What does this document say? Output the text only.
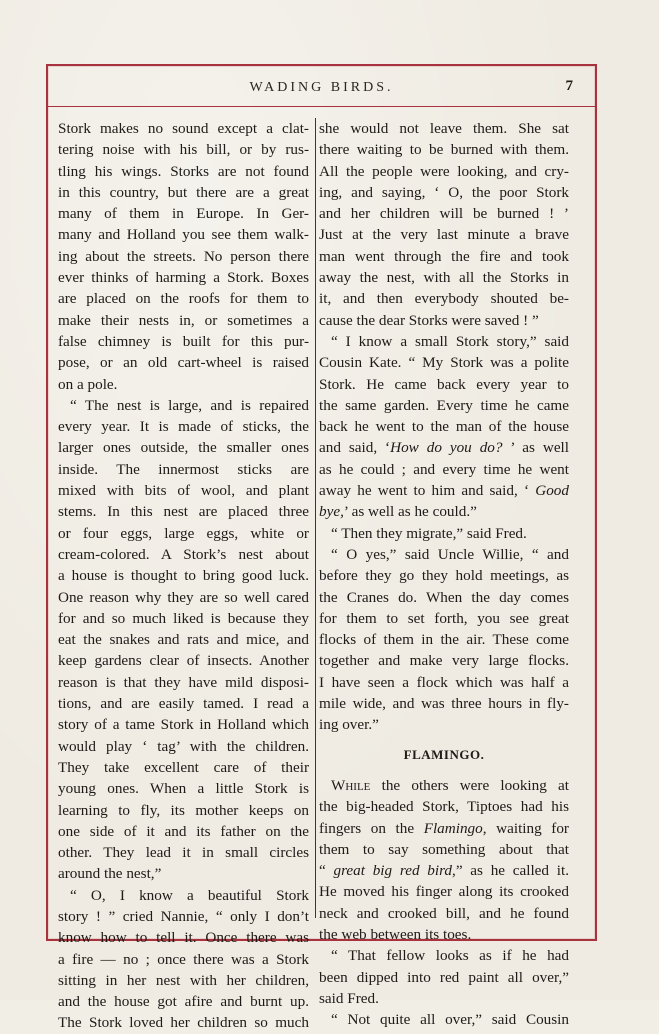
WADING BIRDS.	7
Stork makes no sound except a clat-
tering noise with his bill, or by rus-
tling his wings. Storks are not found
in this country, but there are a great
many of them in Europe. In Ger-
many and Holland you see them walk-
ing about the streets. No person there
ever thinks of harming a Stork. Boxes
are placed on the roofs for them to
make their nests in, or sometimes a
false chimney is built for this pur-
pose, or an old cart-wheel is raised
on a pole.
“ The nest is large, and is repaired
every year. It is made of sticks, the
larger ones outside, the smaller ones
inside. The innermost sticks are
mixed with bits of wool, and plant
stems. In this nest are placed three
or four eggs, large eggs, white or
cream-colored. A Stork’s nest about
a house is thought to bring good luck.
One reason why they are so well cared
for and so much liked is because they
eat the snakes and rats and mice, and
keep gardens clear of insects. Another
reason is that they have mild disposi-
tions, and are easily tamed. I read a
story of a tame Stork in Holland which
would play ‘ tag’ with the children.
They take excellent care of their
young ones. When a little Stork is
learning to fly, its mother keeps on
one side of it and its father on the
other. They lead it in small circles
around the nest,”
“ O, I know a beautiful Stork
story ! ” cried Nannie, “ only I don’t
know how to tell it. Once there was
a fire — no ; once there was a Stork
sitting in her nest with her children,
and the house got afire and burnt up.
The Stork loved her children so much
she would not leave them. She sat
there waiting to be burned with them.
All the people were looking, and cry-
ing, and saying, ‘ O, the poor Stork
and her children will be burned ! ’
Just at the very last minute a brave
man went through the fire and took
away the nest, with all the Storks in
it, and then everybody shouted be-
cause the dear Storks were saved ! ”
“ I know a small Stork story,” said
Cousin Kate. “ My Stork was a polite
Stork. He came back every year to
the same garden. Every time he came
back he went to the man of the house
and said, ‘How do you do? ’ as well
as he could ; and every time he went
away he went to him and said, ‘ Good
bye,’ as well as he could.”
“ Then they migrate,” said Fred.
“ O yes,” said Uncle Willie, “ and
before they go they hold meetings, as
the Cranes do. When the day comes
for them to set forth, you see great
flocks of them in the air. These come
together and make very large flocks.
I have seen a flock which was half a
mile wide, and was three hours in fly-
ing over.”
FLAMINGO.
While the others were looking at
the big-headed Stork, Tiptoes had his
fingers on the Flamingo, waiting for
them to say something about that
“ great big red bird,” as he called it.
He moved his finger along its crooked
neck and crooked bill, and he found
the web between its toes.
“ That fellow looks as if he had
been dipped into red paint all over,”
said Fred.
“ Not quite all over,” said Cousin
